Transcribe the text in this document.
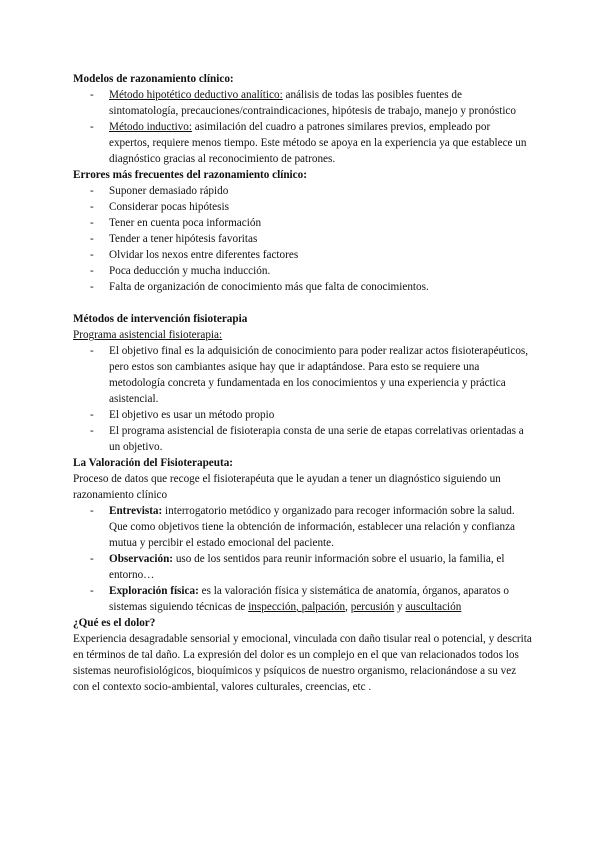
Modelos de razonamiento clínico:
- Método hipotético deductivo analítico: análisis de todas las posibles fuentes de sintomatología, precauciones/contraindicaciones, hipótesis de trabajo, manejo y pronóstico
- Método inductivo: asimilación del cuadro a patrones similares previos, empleado por expertos, requiere menos tiempo. Este método se apoya en la experiencia ya que establece un diagnóstico gracias al reconocimiento de patrones.
Errores más frecuentes del razonamiento clínico:
- Suponer demasiado rápido
- Considerar pocas hipótesis
- Tener en cuenta poca información
- Tender a tener hipótesis favoritas
- Olvidar los nexos entre diferentes factores
- Poca deducción y mucha inducción.
- Falta de organización de conocimiento más que falta de conocimientos.
Métodos de intervención fisioterapia
Programa asistencial fisioterapia:
- El objetivo final es la adquisición de conocimiento para poder realizar actos fisioterapéuticos, pero estos son cambiantes asique hay que ir adaptándose. Para esto se requiere una metodología concreta y fundamentada en los conocimientos y una experiencia y práctica asistencial.
- El objetivo es usar un método propio
- El programa asistencial de fisioterapia consta de una serie de etapas correlativas orientadas a un objetivo.
La Valoración del Fisioterapeuta:
Proceso de datos que recoge el fisioterapéuta que le ayudan a tener un diagnóstico siguiendo un razonamiento clínico
- Entrevista: interrogatorio metódico y organizado para recoger información sobre la salud. Que como objetivos tiene la obtención de información, establecer una relación y confianza mutua y percibir el estado emocional del paciente.
- Observación: uso de los sentidos para reunir información sobre el usuario, la familia, el entorno…
- Exploración física: es la valoración física y sistemática de anatomía, órganos, aparatos o sistemas siguiendo técnicas de inspección, palpación, percusión y auscultación
¿Qué es el dolor?
Experiencia desagradable sensorial y emocional, vinculada con daño tisular real o potencial, y descrita en términos de tal daño. La expresión del dolor es un complejo en el que van relacionados todos los sistemas neurofisiológicos, bioquímicos y psíquicos de nuestro organismo, relacionándose a su vez con el contexto socio-ambiental, valores culturales, creencias, etc .
